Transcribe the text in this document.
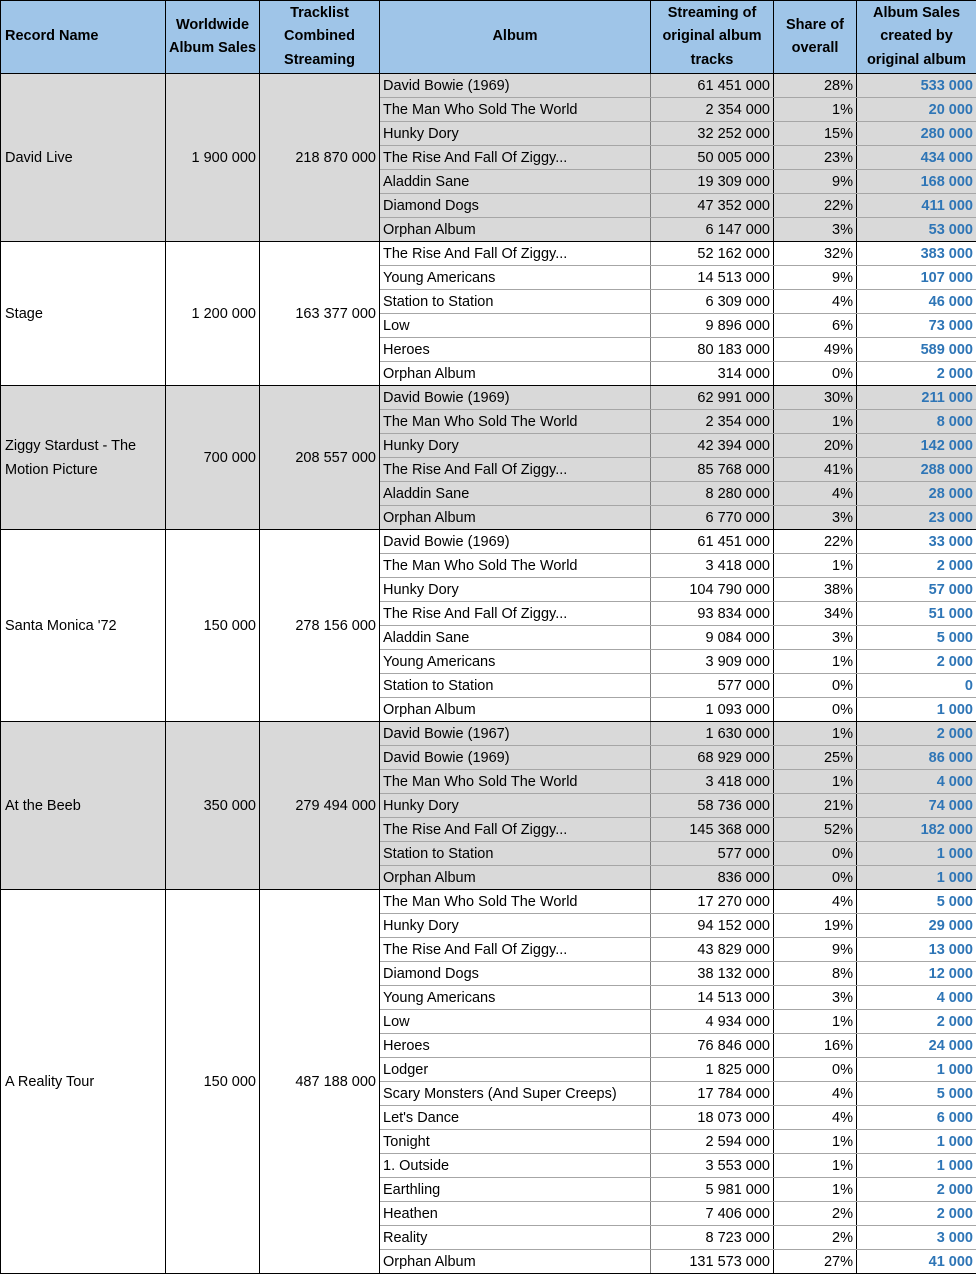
Record Name	Worldwide Album Sales	Tracklist Combined Streaming	Album	Streaming of original album tracks	Share of overall	Album Sales created by original album
David Live	1 900 000	218 870 000	David Bowie (1969)	61 451 000	28%	533 000
			The Man Who Sold The World	2 354 000	1%	20 000
			Hunky Dory	32 252 000	15%	280 000
			The Rise And Fall Of Ziggy...	50 005 000	23%	434 000
			Aladdin Sane	19 309 000	9%	168 000
			Diamond Dogs	47 352 000	22%	411 000
			Orphan Album	6 147 000	3%	53 000
Stage	1 200 000	163 377 000	The Rise And Fall Of Ziggy...	52 162 000	32%	383 000
			Young Americans	14 513 000	9%	107 000
			Station to Station	6 309 000	4%	46 000
			Low	9 896 000	6%	73 000
			Heroes	80 183 000	49%	589 000
			Orphan Album	314 000	0%	2 000
Ziggy Stardust - The Motion Picture	700 000	208 557 000	David Bowie (1969)	62 991 000	30%	211 000
			The Man Who Sold The World	2 354 000	1%	8 000
			Hunky Dory	42 394 000	20%	142 000
			The Rise And Fall Of Ziggy...	85 768 000	41%	288 000
			Aladdin Sane	8 280 000	4%	28 000
			Orphan Album	6 770 000	3%	23 000
Santa Monica '72	150 000	278 156 000	David Bowie (1969)	61 451 000	22%	33 000
			The Man Who Sold The World	3 418 000	1%	2 000
			Hunky Dory	104 790 000	38%	57 000
			The Rise And Fall Of Ziggy...	93 834 000	34%	51 000
			Aladdin Sane	9 084 000	3%	5 000
			Young Americans	3 909 000	1%	2 000
			Station to Station	577 000	0%	0
			Orphan Album	1 093 000	0%	1 000
At the Beeb	350 000	279 494 000	David Bowie (1967)	1 630 000	1%	2 000
			David Bowie (1969)	68 929 000	25%	86 000
			The Man Who Sold The World	3 418 000	1%	4 000
			Hunky Dory	58 736 000	21%	74 000
			The Rise And Fall Of Ziggy...	145 368 000	52%	182 000
			Station to Station	577 000	0%	1 000
			Orphan Album	836 000	0%	1 000
A Reality Tour	150 000	487 188 000	The Man Who Sold The World	17 270 000	4%	5 000
			Hunky Dory	94 152 000	19%	29 000
			The Rise And Fall Of Ziggy...	43 829 000	9%	13 000
			Diamond Dogs	38 132 000	8%	12 000
			Young Americans	14 513 000	3%	4 000
			Low	4 934 000	1%	2 000
			Heroes	76 846 000	16%	24 000
			Lodger	1 825 000	0%	1 000
			Scary Monsters (And Super Creeps)	17 784 000	4%	5 000
			Let's Dance	18 073 000	4%	6 000
			Tonight	2 594 000	1%	1 000
			1. Outside	3 553 000	1%	1 000
			Earthling	5 981 000	1%	2 000
			Heathen	7 406 000	2%	2 000
			Reality	8 723 000	2%	3 000
			Orphan Album	131 573 000	27%	41 000
